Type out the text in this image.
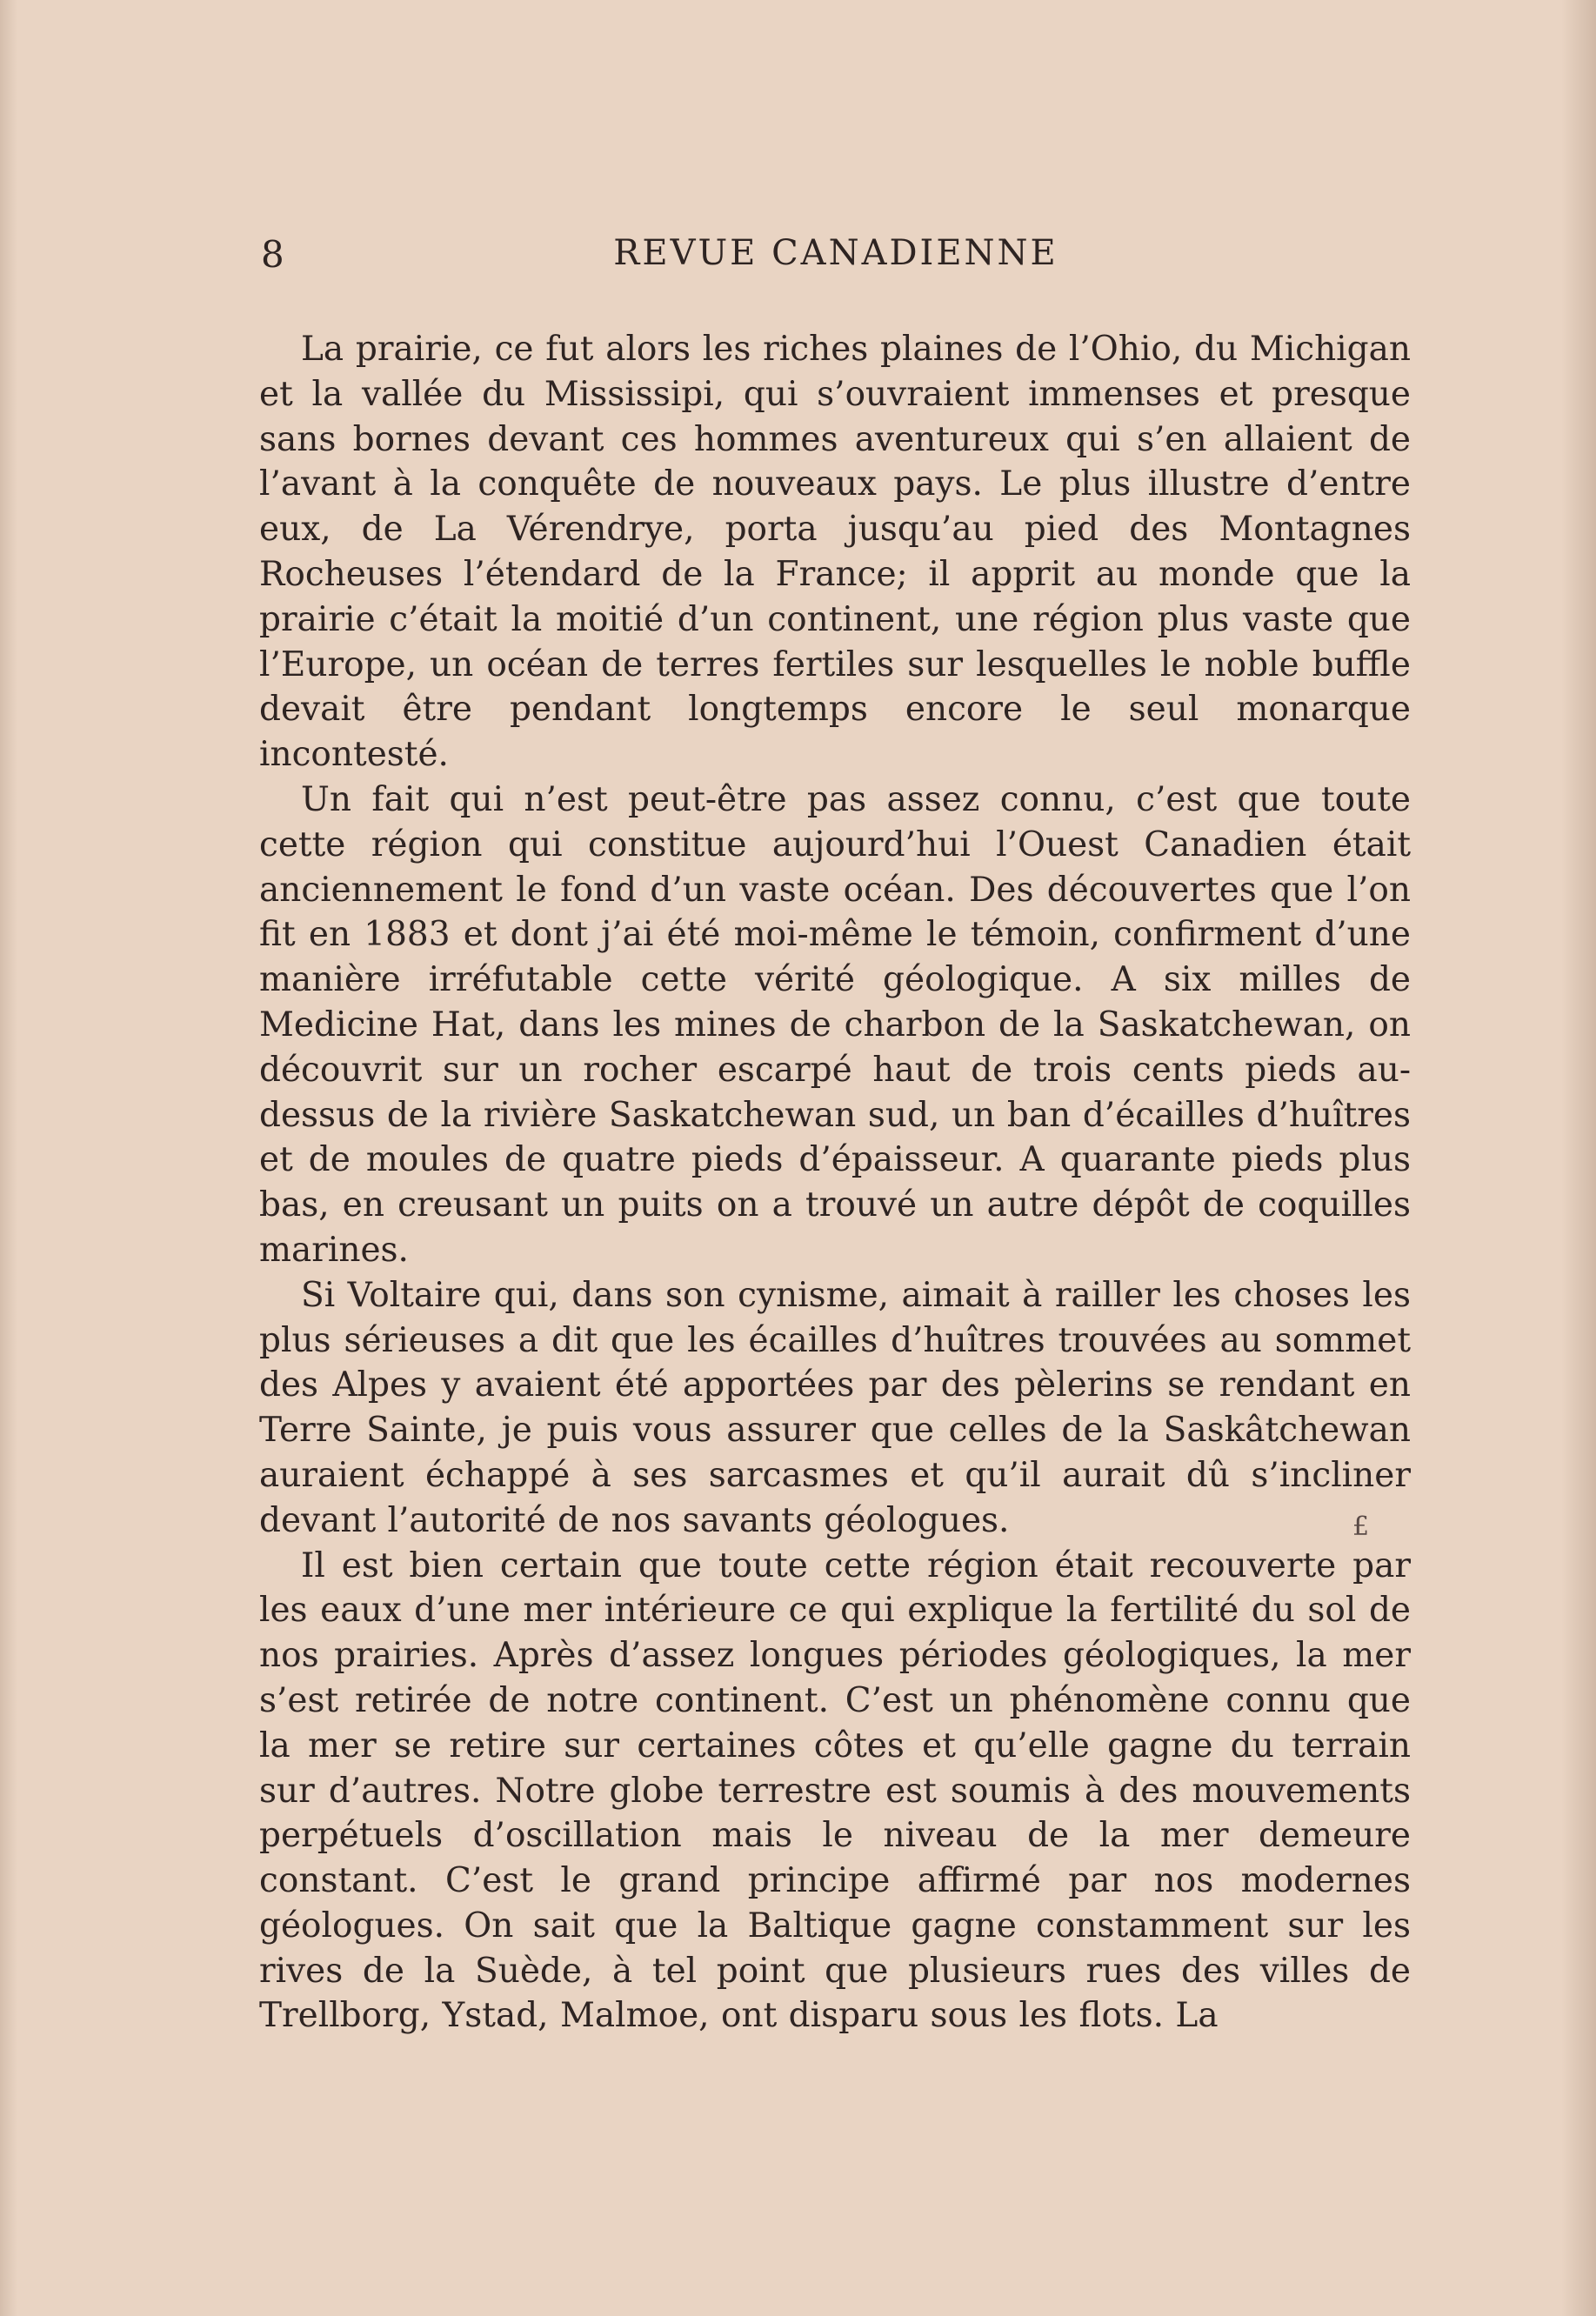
8	REVUE CANADIENNE

La prairie, ce fut alors les riches plaines de l’Ohio, du Michigan et la vallée du Mississipi, qui s’ouvraient immenses et presque sans bornes devant ces hommes aventureux qui s’en allaient de l’avant à la conquête de nouveaux pays. Le plus illustre d’entre eux, de La Vérendrye, porta jusqu’au pied des Montagnes Rocheuses l’étendard de la France; il apprit au monde que la prairie c’était la moitié d’un continent, une région plus vaste que l’Europe, un océan de terres fertiles sur lesquelles le noble buffle devait être pendant longtemps encore le seul monarque incontesté.

Un fait qui n’est peut-être pas assez connu, c’est que toute cette région qui constitue aujourd’hui l’Ouest Canadien était anciennement le fond d’un vaste océan. Des découvertes que l’on fit en 1883 et dont j’ai été moi-même le témoin, confirment d’une manière irréfutable cette vérité géologique. A six milles de Medicine Hat, dans les mines de charbon de la Saskatchewan, on découvrit sur un rocher escarpé haut de trois cents pieds au-dessus de la rivière Saskatchewan sud, un ban d’écailles d’huîtres et de moules de quatre pieds d’épaisseur. A quarante pieds plus bas, en creusant un puits on a trouvé un autre dépôt de coquilles marines.

Si Voltaire qui, dans son cynisme, aimait à railler les choses les plus sérieuses a dit que les écailles d’huîtres trouvées au sommet des Alpes y avaient été apportées par des pèlerins se rendant en Terre Sainte, je puis vous assurer que celles de la Saskâtchewan auraient échappé à ses sarcasmes et qu’il aurait dû s’incliner devant l’autorité de nos savants géologues.

Il est bien certain que toute cette région était recouverte par les eaux d’une mer intérieure ce qui explique la fertilité du sol de nos prairies. Après d’assez longues périodes géologiques, la mer s’est retirée de notre continent. C’est un phénomène connu que la mer se retire sur certaines côtes et qu’elle gagne du terrain sur d’autres. Notre globe terrestre est soumis à des mouvements perpétuels d’oscillation mais le niveau de la mer demeure constant. C’est le grand principe affirmé par nos modernes géologues. On sait que la Baltique gagne constamment sur les rives de la Suède, à tel point que plusieurs rues des villes de Trellborg, Ystad, Malmoe, ont disparu sous les flots. La

£
